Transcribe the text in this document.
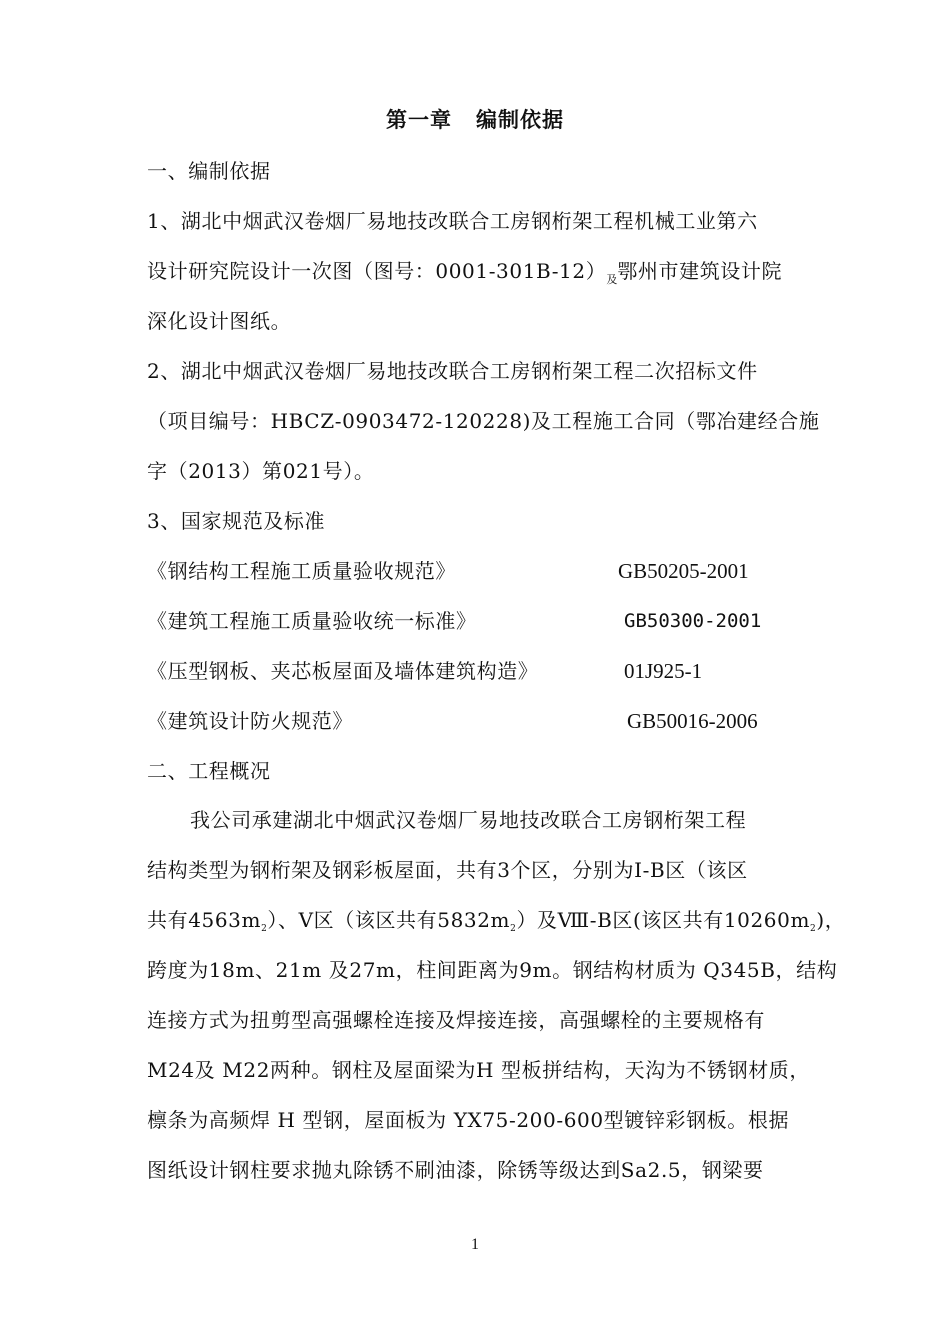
第一章 编制依据

一、编制依据

1、湖北中烟武汉卷烟厂易地技改联合工房钢桁架工程机械工业第六

设计研究院设计一次图（图号：$0001-301B-12)_及$鄂州市建筑设计院

深化设计图纸。

2、湖北中烟武汉卷烟厂易地技改联合工房钢桁架工程二次招标文件

（项目编号：HBCZ-0903472-120228)及工程施工合同（鄂冶建经合施

字（2013）第021号）。

3、国家规范及标准

《钢结构工程施工质量验收规范》	GB50205-2001
《建筑工程施工质量验收统一标准》	GB50300-2001
《压型钢板、夹芯板屋面及墙体建筑构造》	01J925-1
《建筑设计防火规范》	GB50016-2006

二、工程概况

我公司承建湖北中烟武汉卷烟厂易地技改联合工房钢桁架工程

结构类型为钢桁架及钢彩板屋面，共有3个区，分别为Ⅰ-B区（该区

共有$4563m_2$）、Ⅴ区（该区共有$5832m_2$）及Ⅷ-B区(该区共有$10260m_2$)，

跨度为18m、21m 及27m，柱间距离为9m。钢结构材质为 Q345B，结构

连接方式为扭剪型高强螺栓连接及焊接连接，高强螺栓的主要规格有

M24及 M22两种。钢柱及屋面梁为H 型板拼结构，天沟为不锈钢材质，

檩条为高频焊 H 型钢，屋面板为 YX75-200-600型镀锌彩钢板。根据

图纸设计钢柱要求抛丸除锈不刷油漆，除锈等级达到Sa2.5，钢梁要

1
